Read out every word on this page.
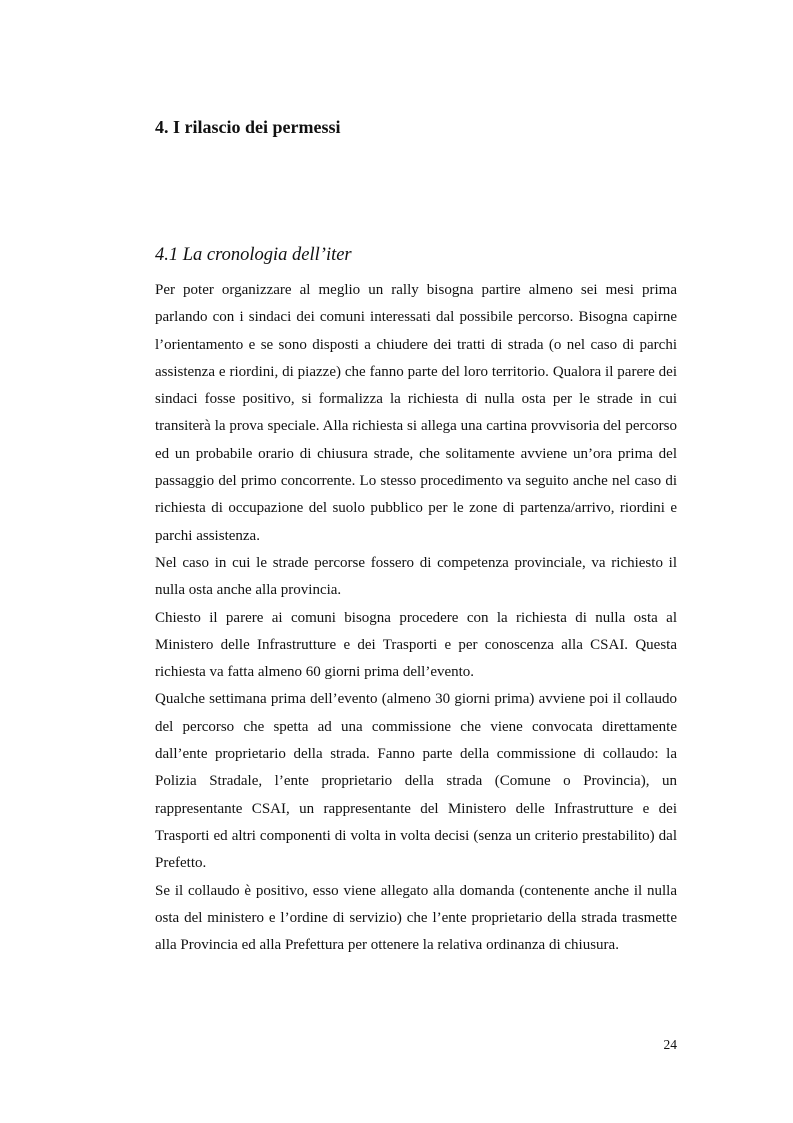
4. I rilascio dei permessi
4.1 La cronologia dell’iter

Per poter organizzare al meglio un rally bisogna partire almeno sei mesi prima parlando con i sindaci dei comuni interessati dal possibile percorso. Bisogna capirne l’orientamento e se sono disposti a chiudere dei tratti di strada (o nel caso di parchi assistenza e riordini, di piazze) che fanno parte del loro territorio. Qualora il parere dei sindaci fosse positivo, si formalizza la richiesta di nulla osta per le strade in cui transiterà la prova speciale. Alla richiesta si allega una cartina provvisoria del percorso ed un probabile orario di chiusura strade, che solitamente avviene un’ora prima del passaggio del primo concorrente. Lo stesso procedimento va seguito anche nel caso di richiesta di occupazione del suolo pubblico per le zone di partenza/arrivo, riordini e parchi assistenza.

Nel caso in cui le strade percorse fossero di competenza provinciale, va richiesto il nulla osta anche alla provincia.

Chiesto il parere ai comuni bisogna procedere con la richiesta di nulla osta al Ministero delle Infrastrutture e dei Trasporti e per conoscenza alla CSAI. Questa richiesta va fatta almeno 60 giorni prima dell’evento.

Qualche settimana prima dell’evento (almeno 30 giorni prima) avviene poi il collaudo del percorso che spetta ad una commissione che viene convocata direttamente dall’ente proprietario della strada. Fanno parte della commissione di collaudo: la Polizia Stradale, l’ente proprietario della strada (Comune o Provincia), un rappresentante CSAI, un rappresentante del Ministero delle Infrastrutture e dei Trasporti ed altri componenti di volta in volta decisi (senza un criterio prestabilito) dal Prefetto.

Se il collaudo è positivo, esso viene allegato alla domanda (contenente anche il nulla osta del ministero e l’ordine di servizio) che l’ente proprietario della strada trasmette alla Provincia ed alla Prefettura per ottenere la relativa ordinanza di chiusura.

24
